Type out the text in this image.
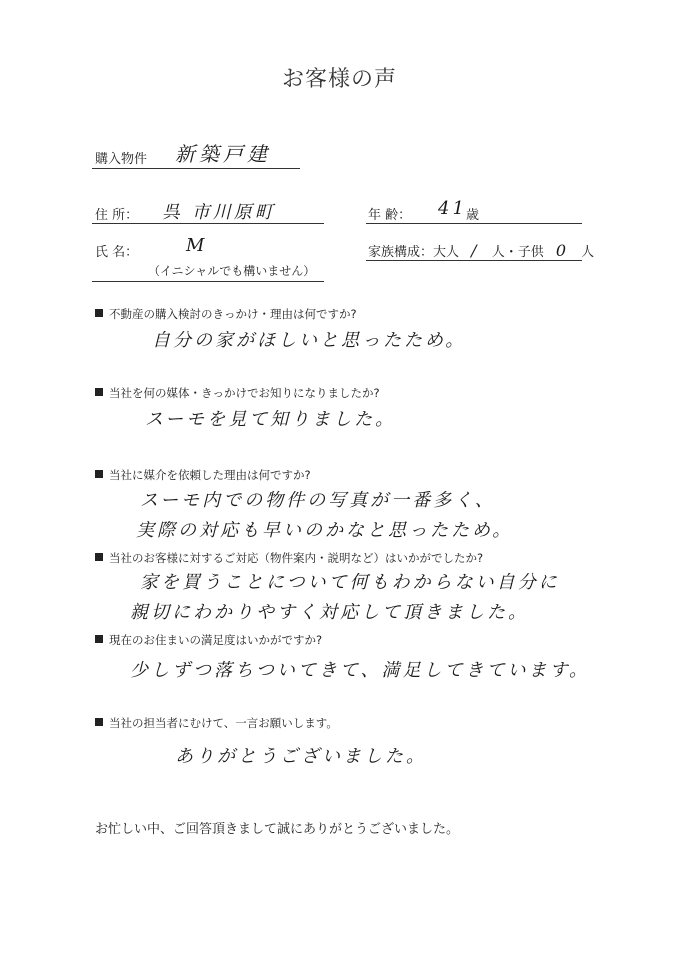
お客様の声
購入物件 新築戸建
住 所： 呉 市川原町	年 齢： 41 歳
氏 名：	M
（イニシャルでも構いません）
家族構成：大人 / 人・子供 0 人
不動産の購入検討のきっかけ・理由は何ですか?
自分の家がほしいと思ったため。
当社を何の媒体・きっかけでお知りになりましたか?
スーモを見て知りました。
当社に媒介を依頼した理由は何ですか?
スーモ内での物件の写真が一番多く、
実際の対応も早いのかなと思ったため。
当社のお客様に対するご対応（物件案内・説明など）はいかがでしたか?
家を買うことについて何もわからない自分に
親切にわかりやすく対応して頂きました。
現在のお住まいの満足度はいかがですか?
少しずつ落ちついてきて、満足してきています。
当社の担当者にむけて、一言お願いします。
ありがとうございました。
お忙しい中、ご回答頂きまして誠にありがとうございました。
